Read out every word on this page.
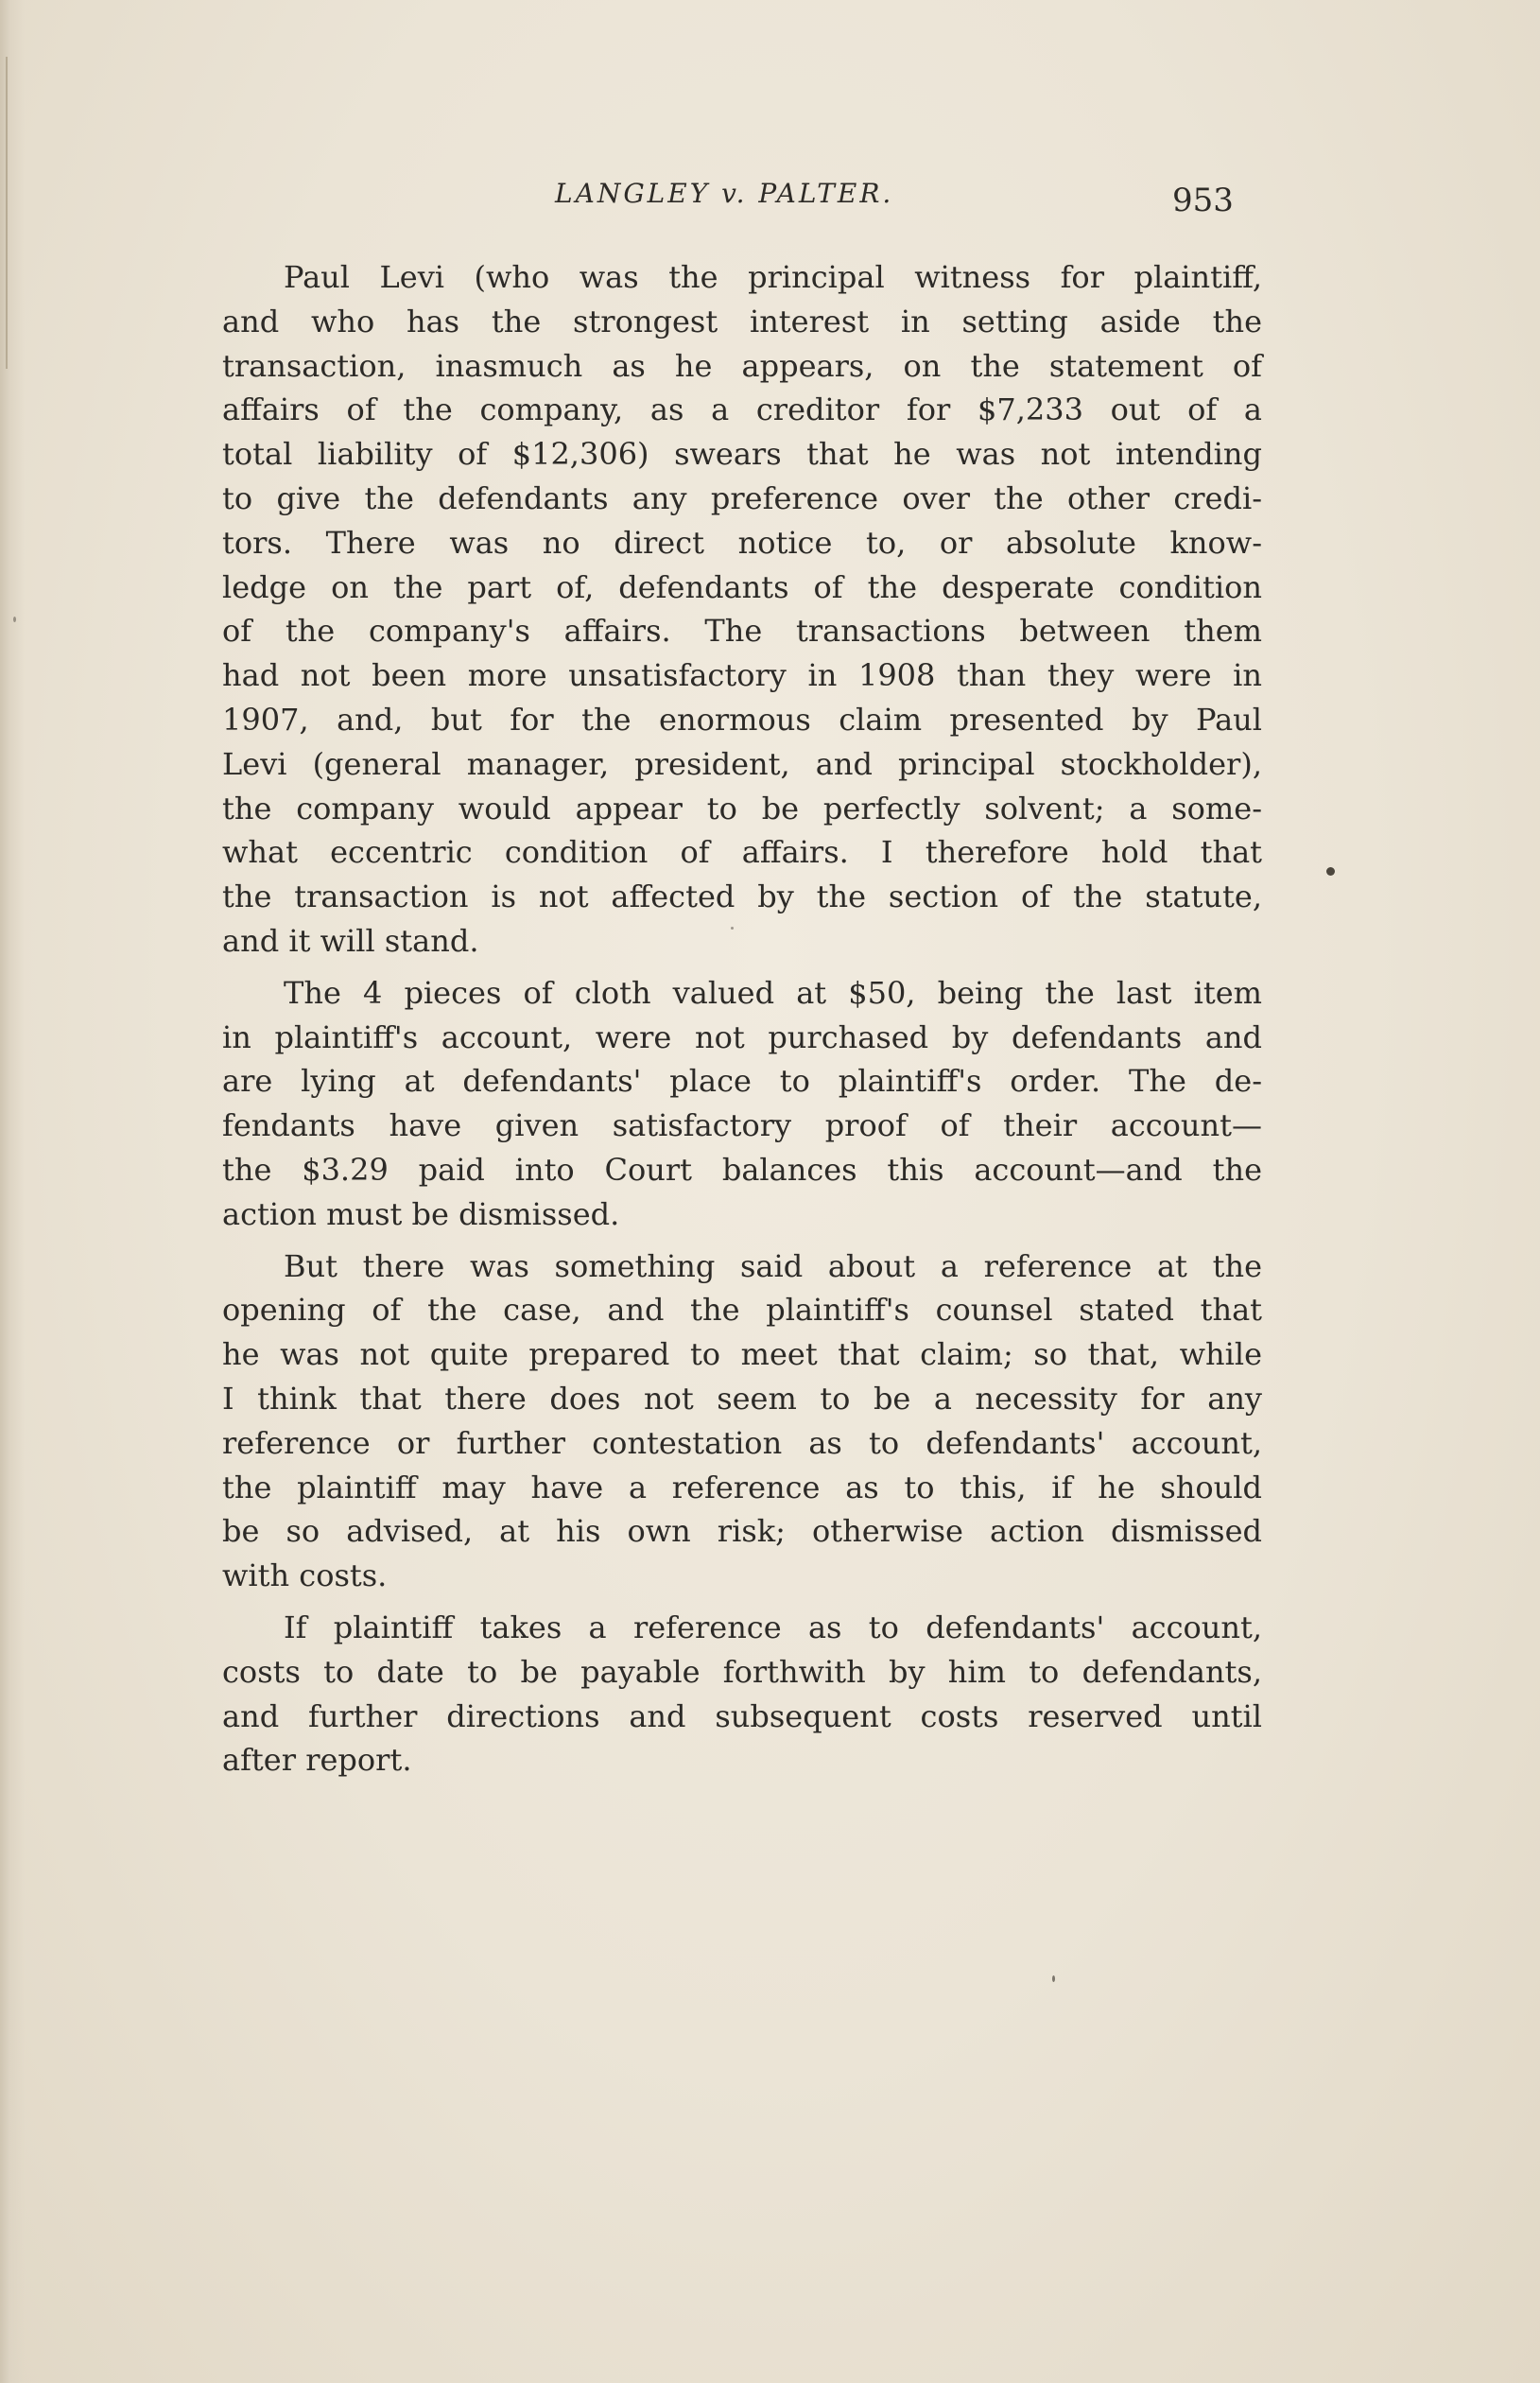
LANGLEY v. PALTER.	953
Paul Levi (who was the principal witness for plaintiff,
and who has the strongest interest in setting aside the
transaction, inasmuch as he appears, on the statement of
affairs of the company, as a creditor for $7,233 out of a
total liability of $12,306) swears that he was not intending
to give the defendants any preference over the other credi-
tors. There was no direct notice to, or absolute know-
ledge on the part of, defendants of the desperate condition
of the company's affairs. The transactions between them
had not been more unsatisfactory in 1908 than they were in
1907, and, but for the enormous claim presented by Paul
Levi (general manager, president, and principal stockholder),
the company would appear to be perfectly solvent; a some-
what eccentric condition of affairs. I therefore hold that
the transaction is not affected by the section of the statute,
and it will stand.
The 4 pieces of cloth valued at $50, being the last item
in plaintiff's account, were not purchased by defendants and
are lying at defendants' place to plaintiff's order. The de-
fendants have given satisfactory proof of their account—
the $3.29 paid into Court balances this account—and the
action must be dismissed.
But there was something said about a reference at the
opening of the case, and the plaintiff's counsel stated that
he was not quite prepared to meet that claim; so that, while
I think that there does not seem to be a necessity for any
reference or further contestation as to defendants' account,
the plaintiff may have a reference as to this, if he should
be so advised, at his own risk; otherwise action dismissed
with costs.
If plaintiff takes a reference as to defendants' account,
costs to date to be payable forthwith by him to defendants,
and further directions and subsequent costs reserved until
after report.
